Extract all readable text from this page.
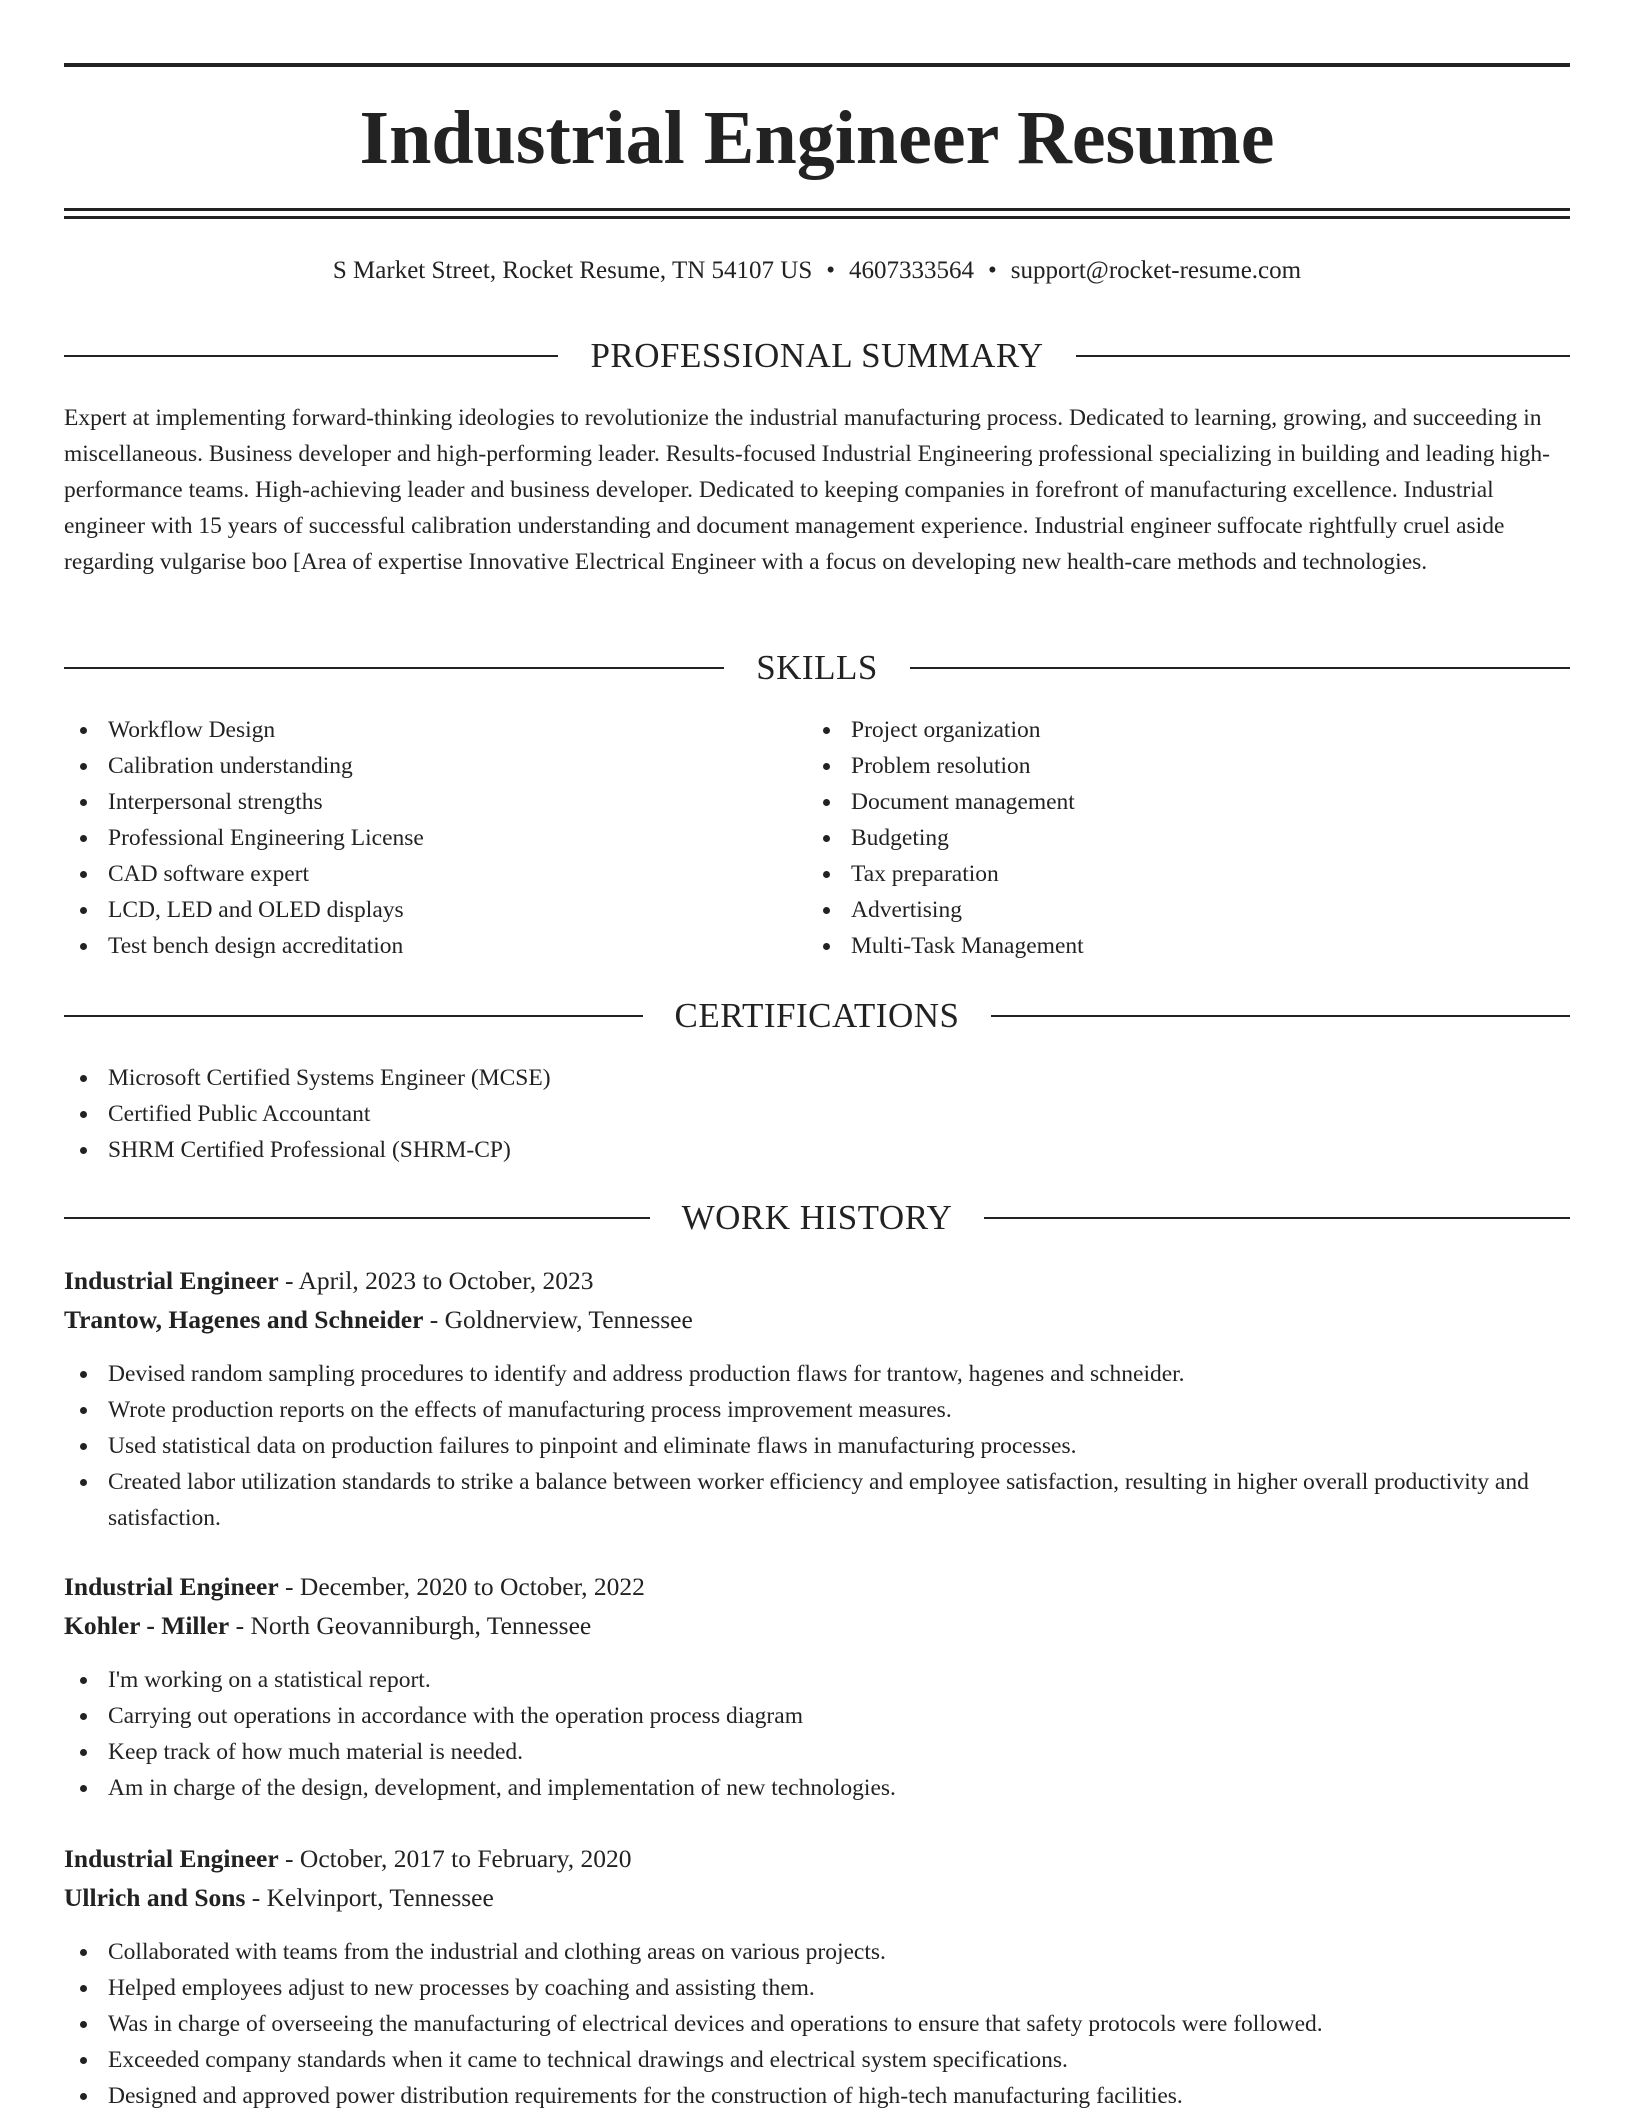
Industrial Engineer Resume
S Market Street, Rocket Resume, TN 54107 US • 4607333564 • support@rocket-resume.com
PROFESSIONAL SUMMARY

Expert at implementing forward-thinking ideologies to revolutionize the industrial manufacturing process. Dedicated to learning, growing, and succeeding in miscellaneous. Business developer and high-performing leader. Results-focused Industrial Engineering professional specializing in building and leading high-performance teams. High-achieving leader and business developer. Dedicated to keeping companies in forefront of manufacturing excellence. Industrial engineer with 15 years of successful calibration understanding and document management experience. Industrial engineer suffocate rightfully cruel aside regarding vulgarise boo [Area of expertise Innovative Electrical Engineer with a focus on developing new health-care methods and technologies.

SKILLS
Workflow Design
Calibration understanding
Interpersonal strengths
Professional Engineering License
CAD software expert
LCD, LED and OLED displays
Test bench design accreditation
Project organization
Problem resolution
Document management
Budgeting
Tax preparation
Advertising
Multi-Task Management
CERTIFICATIONS
Microsoft Certified Systems Engineer (MCSE)
Certified Public Accountant
SHRM Certified Professional (SHRM-CP)
WORK HISTORY
Industrial Engineer - April, 2023 to October, 2023
Trantow, Hagenes and Schneider - Goldnerview, Tennessee
Devised random sampling procedures to identify and address production flaws for trantow, hagenes and schneider.
Wrote production reports on the effects of manufacturing process improvement measures.
Used statistical data on production failures to pinpoint and eliminate flaws in manufacturing processes.
Created labor utilization standards to strike a balance between worker efficiency and employee satisfaction, resulting in higher overall productivity and satisfaction.
Industrial Engineer - December, 2020 to October, 2022
Kohler - Miller - North Geovanniburgh, Tennessee
I'm working on a statistical report.
Carrying out operations in accordance with the operation process diagram
Keep track of how much material is needed.
Am in charge of the design, development, and implementation of new technologies.
Industrial Engineer - October, 2017 to February, 2020
Ullrich and Sons - Kelvinport, Tennessee
Collaborated with teams from the industrial and clothing areas on various projects.
Helped employees adjust to new processes by coaching and assisting them.
Was in charge of overseeing the manufacturing of electrical devices and operations to ensure that safety protocols were followed.
Exceeded company standards when it came to technical drawings and electrical system specifications.
Designed and approved power distribution requirements for the construction of high-tech manufacturing facilities.
